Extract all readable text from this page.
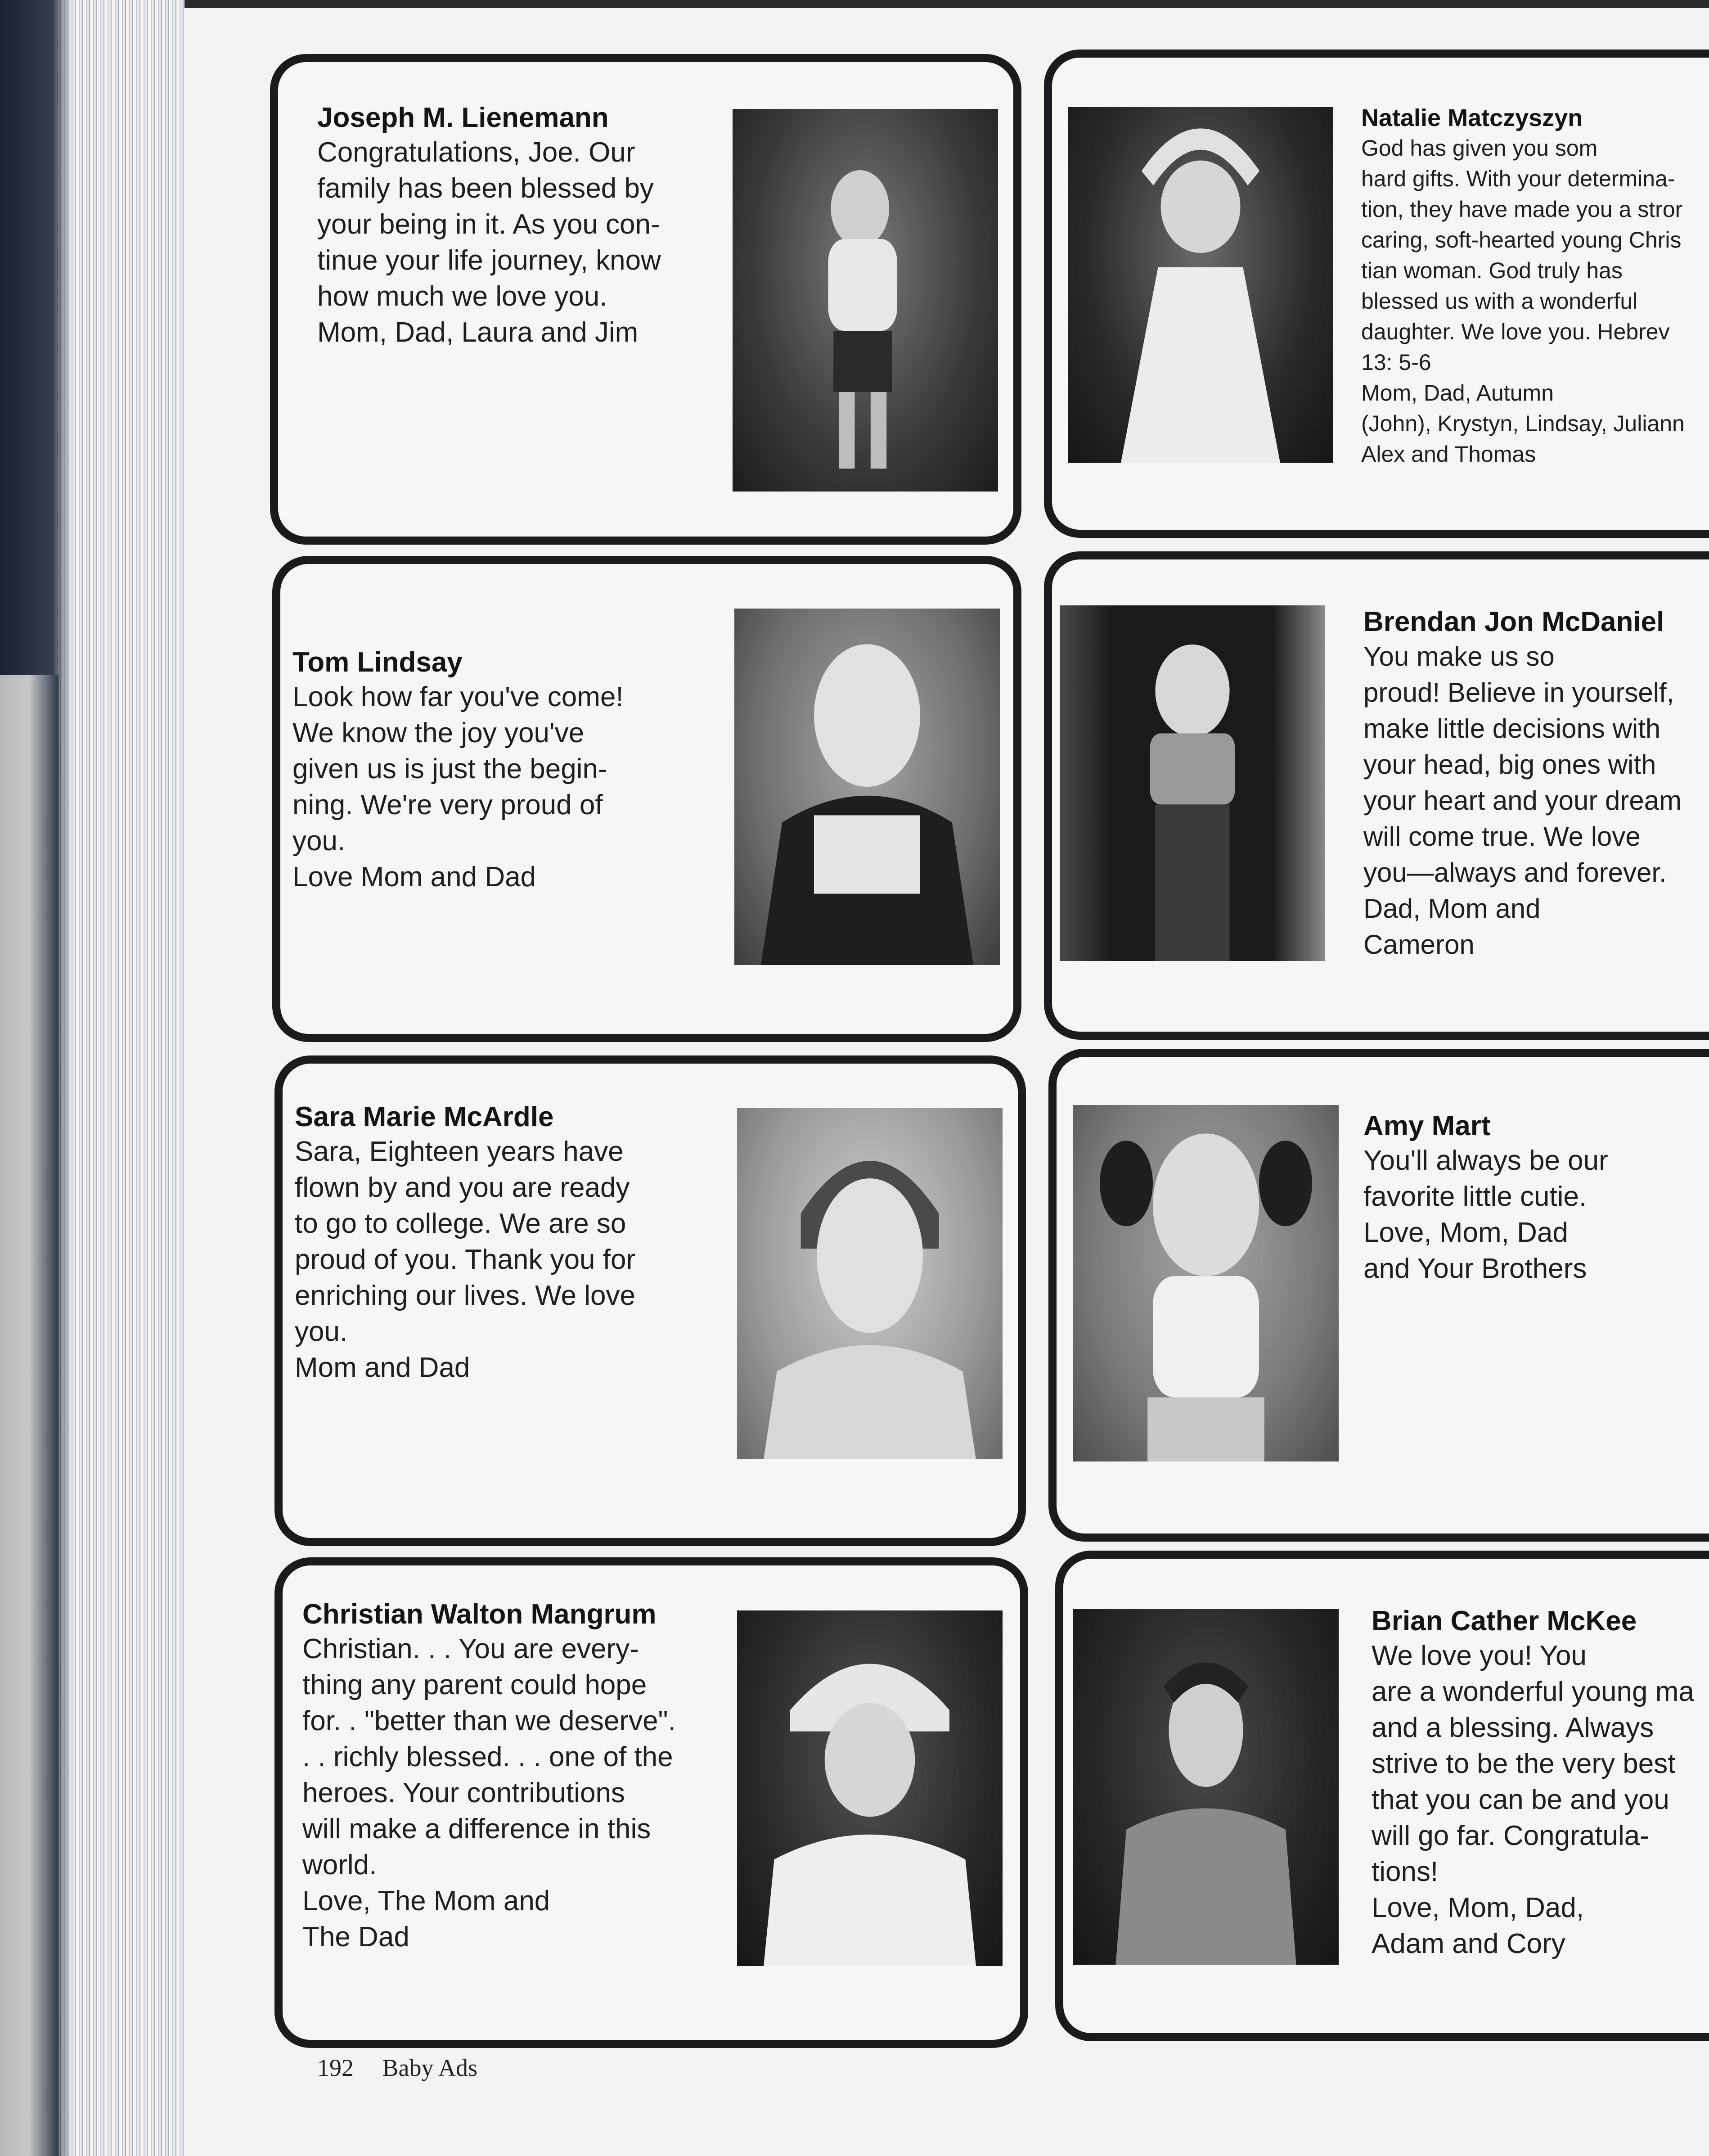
Joseph M. Lienemann

Congratulations, Joe. Our
family has been blessed by
your being in it. As you con-
tinue your life journey, know
how much we love you.
Mom, Dad, Laura and Jim

Natalie Matczyszyn

God has given you som
hard gifts. With your determina-
tion, they have made you a stror
caring, soft-hearted young Chris
tian woman. God truly has
blessed us with a wonderful
daughter. We love you. Hebrev
13: 5-6
Mom, Dad, Autumn
(John), Krystyn, Lindsay, Juliann
Alex and Thomas

Tom Lindsay

Look how far you've come!
We know the joy you've
given us is just the begin-
ning. We're very proud of
you.
Love Mom and Dad

Brendan Jon McDaniel

You make us so
proud! Believe in yourself,
make little decisions with
your head, big ones with
your heart and your dream
will come true. We love
you—always and forever.
Dad, Mom and
Cameron

Sara Marie McArdle

Sara, Eighteen years have
flown by and you are ready
to go to college. We are so
proud of you. Thank you for
enriching our lives. We love
you.
Mom and Dad

Amy Mart

You'll always be our
favorite little cutie.
Love, Mom, Dad
and Your Brothers

Christian Walton Mangrum

Christian. . . You are every-
thing any parent could hope
for. . "better than we deserve".
. . richly blessed. . . one of the
heroes. Your contributions
will make a difference in this
world.
Love, The Mom and
The Dad

Brian Cather McKee

We love you! You
are a wonderful young ma
and a blessing. Always
strive to be the very best
that you can be and you
will go far. Congratula-
tions!
Love, Mom, Dad,
Adam and Cory

192 Baby Ads
